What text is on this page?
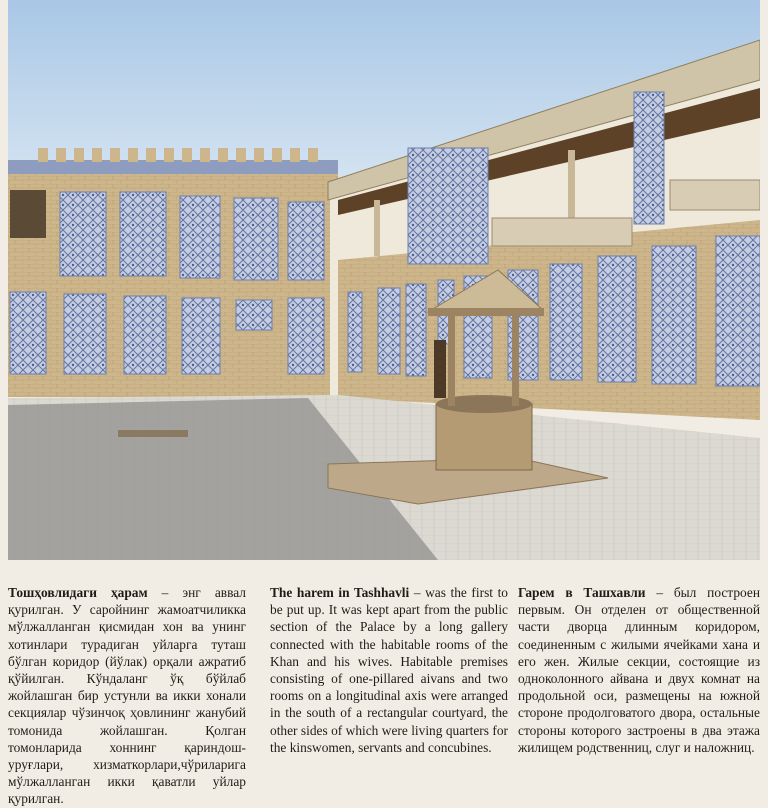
Тошҳовлидаги ҳарам – энг аввал қурилган. У саройнинг жамоатчиликка мўлжалланган қисмидан хон ва унинг хотинлари турадиган уйларга туташ бўлган коридор (йўлак) орқали ажратиб қўйилган. Кўндаланг ўқ бўйлаб жойлашган бир устунли ва икки хонали секциялар чўзинчоқ ҳовлининг жанубий томонида жойлашган. Қолган томонларида хоннинг қариндош-уруғлари, хизматкорлари,чўриларига мўлжалланган икки қаватли уйлар қурилган.
The harem in Tashhavli – was the first to be put up. It was kept apart from the public section of the Palace by a long gallery connected with the habitable rooms of the Khan and his wives. Habitable premises consisting of one-pillared aivans and two rooms on a longitudinal axis were arranged in the south of a rectangular courtyard, the other sides of which were living quarters for the kinswomen, servants and concubines.
Гарем в Ташхавли – был построен первым. Он отделен от общественной части дворца длинным коридором, соединенным с жилыми ячейками хана и его жен. Жилые секции, состоящие из одноколонного айвана и двух комнат на продольной оси, размещены на южной стороне продолговатого двора, остальные стороны которого застроены в два этажа жилищем родственниц, слуг и наложниц.
